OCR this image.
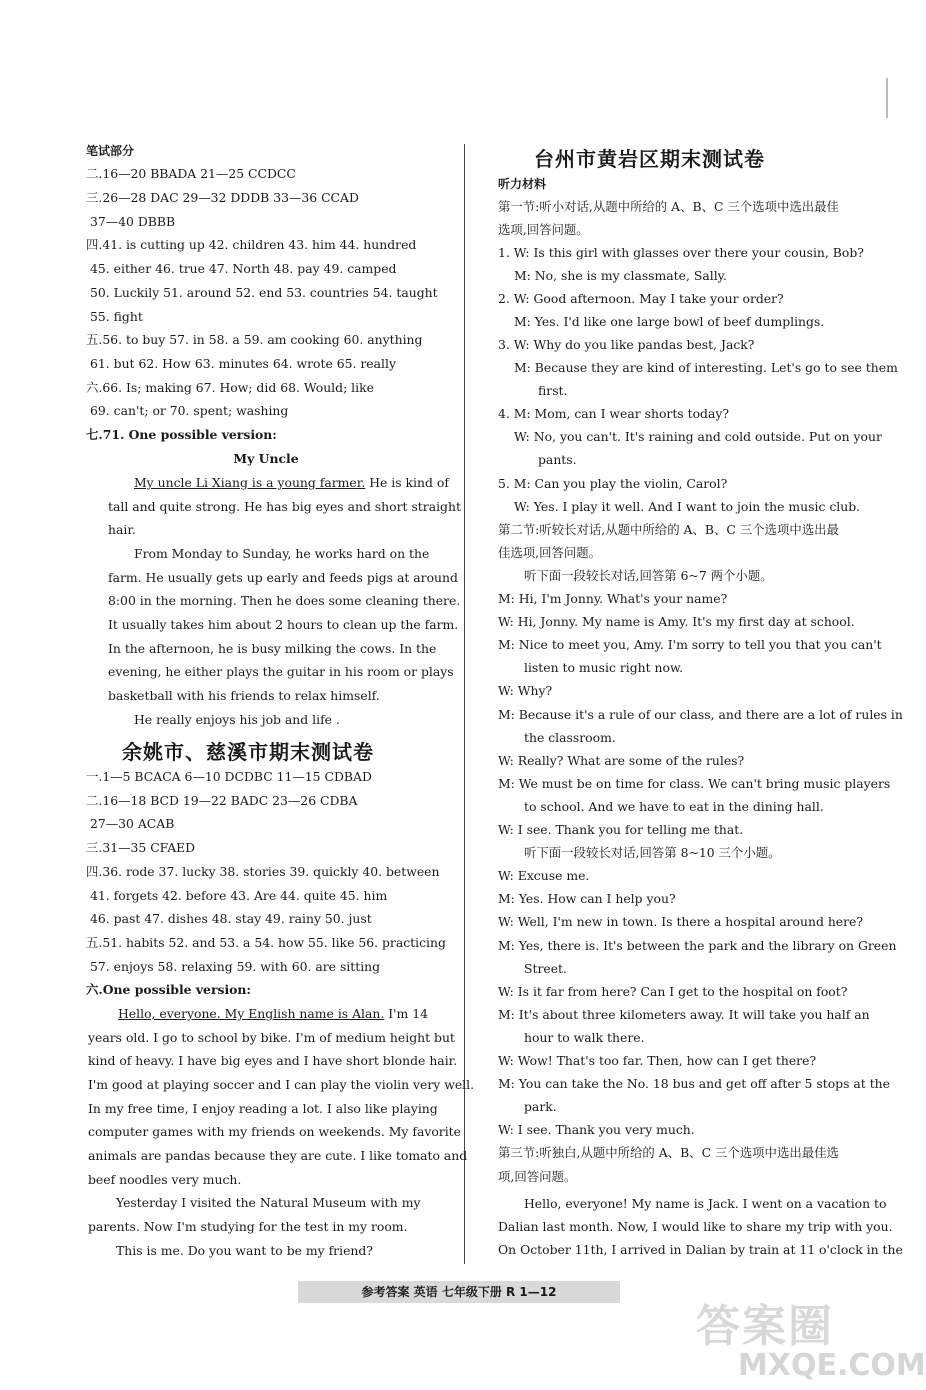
笔试部分
二.16—20 BBADA 21—25 CCDCC
三.26—28 DAC 29—32 DDDB 33—36 CCAD
37—40 DBBB
四.41. is cutting up 42. children 43. him 44. hundred
45. either 46. true 47. North 48. pay 49. camped
50. Luckily 51. around 52. end 53. countries 54. taught
55. fight
五.56. to buy 57. in 58. a 59. am cooking 60. anything
61. but 62. How 63. minutes 64. wrote 65. really
六.66. Is; making 67. How; did 68. Would; like
69. can't; or 70. spent; washing
七.71. One possible version:
My Uncle
My uncle Li Xiang is a young farmer. He is kind of
tall and quite strong. He has big eyes and short straight
hair.
From Monday to Sunday, he works hard on the
farm. He usually gets up early and feeds pigs at around
8:00 in the morning. Then he does some cleaning there.
It usually takes him about 2 hours to clean up the farm.
In the afternoon, he is busy milking the cows. In the
evening, he either plays the guitar in his room or plays
basketball with his friends to relax himself.
He really enjoys his job and life .
余姚市、慈溪市期末测试卷
一.1—5 BCACA 6—10 DCDBC 11—15 CDBAD
二.16—18 BCD 19—22 BADC 23—26 CDBA
27—30 ACAB
三.31—35 CFAED
四.36. rode 37. lucky 38. stories 39. quickly 40. between
41. forgets 42. before 43. Are 44. quite 45. him
46. past 47. dishes 48. stay 49. rainy 50. just
五.51. habits 52. and 53. a 54. how 55. like 56. practicing
57. enjoys 58. relaxing 59. with 60. are sitting
六.One possible version:
Hello, everyone. My English name is Alan. I'm 14
years old. I go to school by bike. I'm of medium height but
kind of heavy. I have big eyes and I have short blonde hair.
I'm good at playing soccer and I can play the violin very well.
In my free time, I enjoy reading a lot. I also like playing
computer games with my friends on weekends. My favorite
animals are pandas because they are cute. I like tomato and
beef noodles very much.
Yesterday I visited the Natural Museum with my
parents. Now I'm studying for the test in my room.
This is me. Do you want to be my friend?
台州市黄岩区期末测试卷
听力材料
第一节:听小对话,从题中所给的 A、B、C 三个选项中选出最佳
选项,回答问题。
1. W: Is this girl with glasses over there your cousin, Bob?
M: No, she is my classmate, Sally.
2. W: Good afternoon. May I take your order?
M: Yes. I'd like one large bowl of beef dumplings.
3. W: Why do you like pandas best, Jack?
M: Because they are kind of interesting. Let's go to see them
first.
4. M: Mom, can I wear shorts today?
W: No, you can't. It's raining and cold outside. Put on your
pants.
5. M: Can you play the violin, Carol?
W: Yes. I play it well. And I want to join the music club.
第二节:听较长对话,从题中所给的 A、B、C 三个选项中选出最
佳选项,回答问题。
听下面一段较长对话,回答第 6~7 两个小题。
M: Hi, I'm Jonny. What's your name?
W: Hi, Jonny. My name is Amy. It's my first day at school.
M: Nice to meet you, Amy. I'm sorry to tell you that you can't
listen to music right now.
W: Why?
M: Because it's a rule of our class, and there are a lot of rules in
the classroom.
W: Really? What are some of the rules?
M: We must be on time for class. We can't bring music players
to school. And we have to eat in the dining hall.
W: I see. Thank you for telling me that.
听下面一段较长对话,回答第 8~10 三个小题。
W: Excuse me.
M: Yes. How can I help you?
W: Well, I'm new in town. Is there a hospital around here?
M: Yes, there is. It's between the park and the library on Green
Street.
W: Is it far from here? Can I get to the hospital on foot?
M: It's about three kilometers away. It will take you half an
hour to walk there.
W: Wow! That's too far. Then, how can I get there?
M: You can take the No. 18 bus and get off after 5 stops at the
park.
W: I see. Thank you very much.
第三节:听独白,从题中所给的 A、B、C 三个选项中选出最佳选
项,回答问题。
Hello, everyone! My name is Jack. I went on a vacation to
Dalian last month. Now, I would like to share my trip with you.
On October 11th, I arrived in Dalian by train at 11 o'clock in the
参考答案 英语 七年级下册 R 1—12
答案圈
MXQE.COM
